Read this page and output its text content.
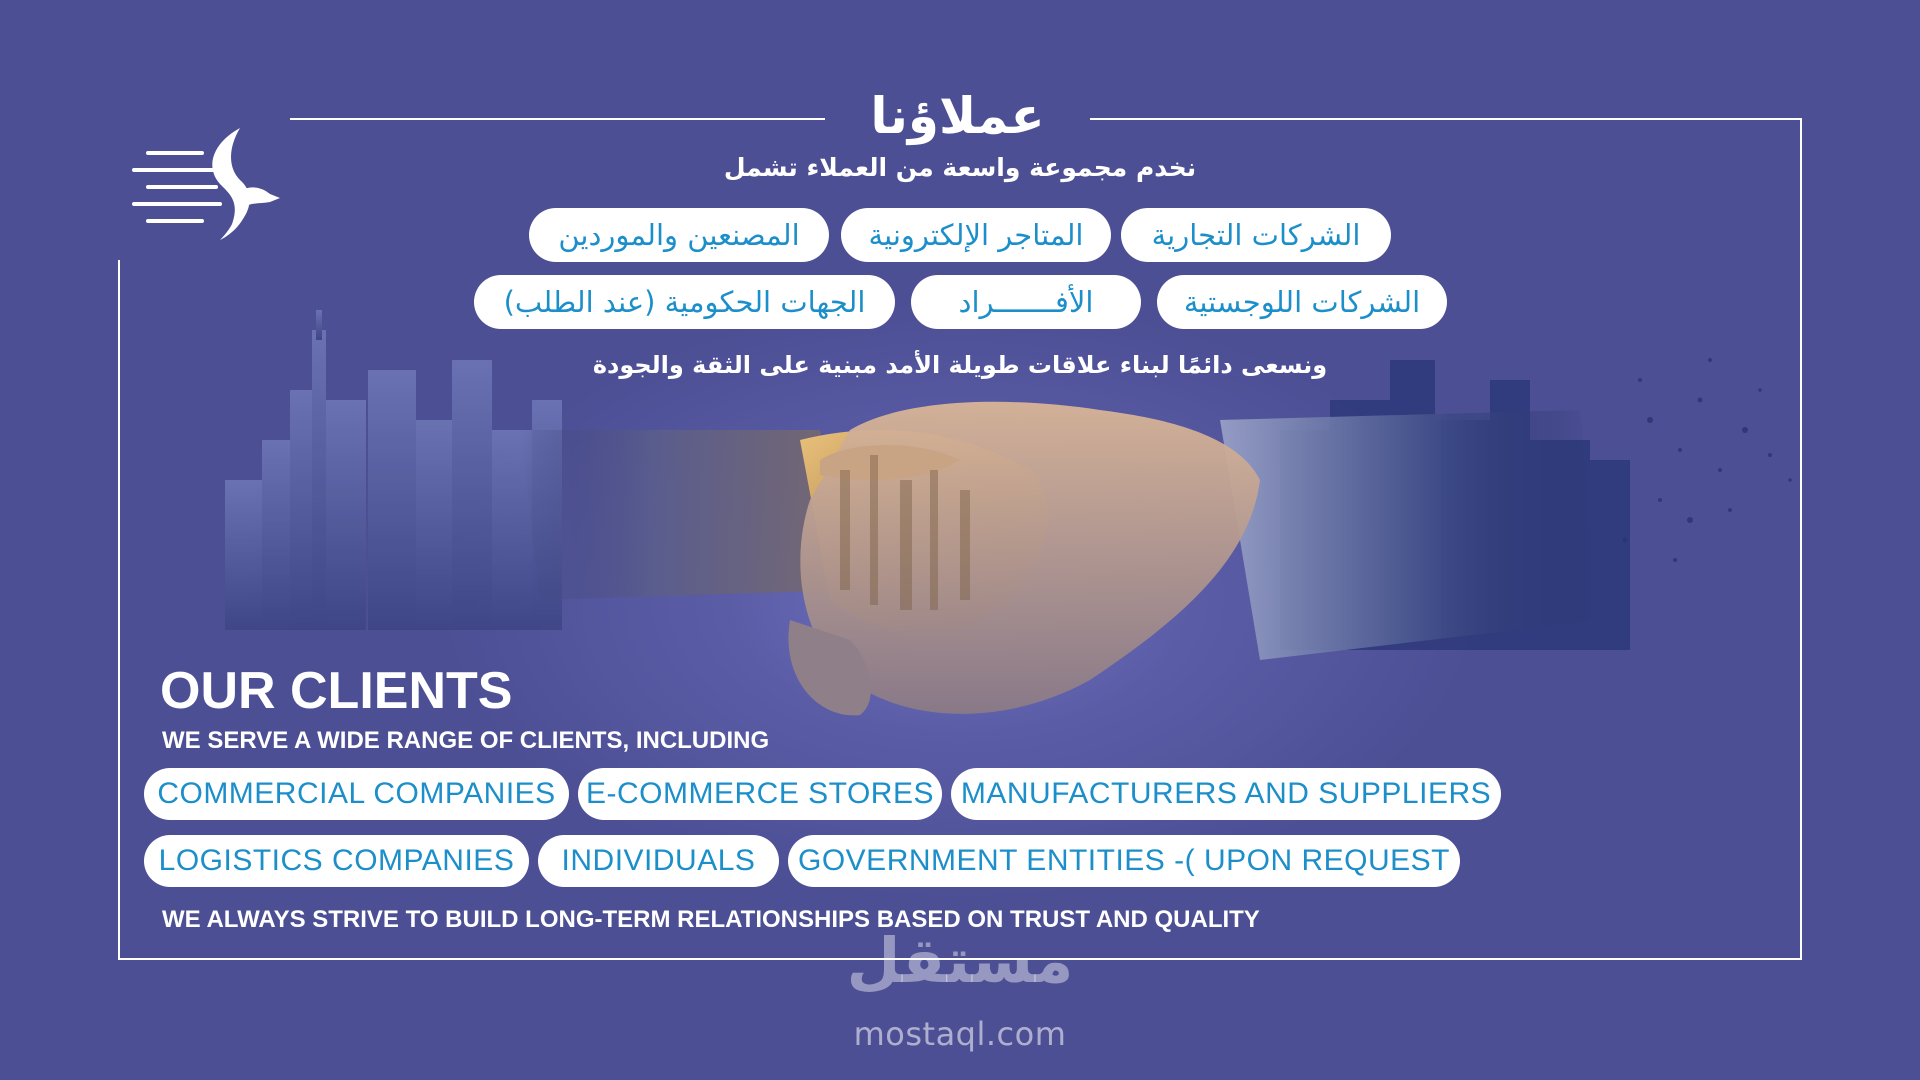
عملاؤنا
نخدم مجموعة واسعة من العملاء تشمل
الشركات التجارية
المتاجر الإلكترونية
المصنعين والموردين
الشركات اللوجستية
الأفـــــــراد
الجهات الحكومية (عند الطلب)
ونسعى دائمًا لبناء علاقات طويلة الأمد مبنية على الثقة والجودة
OUR CLIENTS
WE SERVE A WIDE RANGE OF CLIENTS, INCLUDING
COMMERCIAL COMPANIES	E-COMMERCE STORES MANUFACTURERS AND SUPPLIERS
LOGISTICS COMPANIES	INDIVIDUALS	GOVERNMENT ENTITIES -( UPON REQUEST
WE ALWAYS STRIVE TO BUILD LONG-TERM RELATIONSHIPS BASED ON TRUST AND QUALITY
مستقل
mostaql.com
